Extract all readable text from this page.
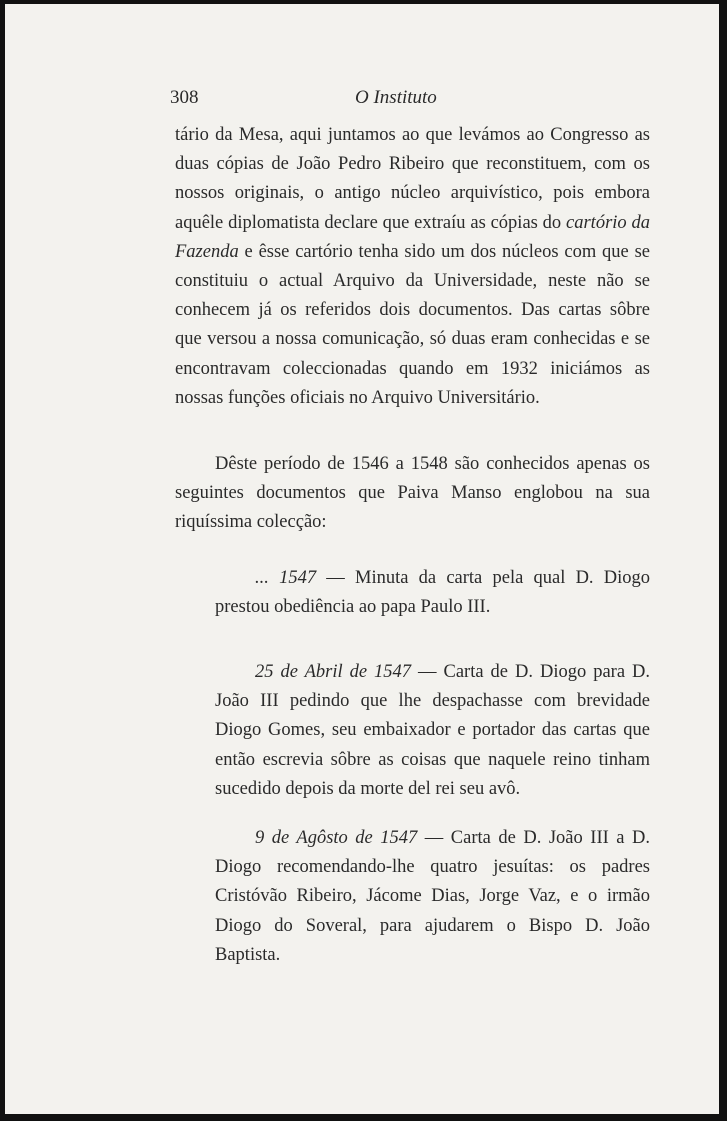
308	O Instituto

tário da Mesa, aqui juntamos ao que levámos ao Congresso as duas cópias de João Pedro Ribeiro que reconstituem, com os nossos originais, o antigo núcleo arquivístico, pois embora aquêle diplomatista declare que extraíu as cópias do cartório da Fazenda e êsse cartório tenha sido um dos núcleos com que se constituiu o actual Arquivo da Universidade, neste não se conhecem já os referidos dois documentos. Das cartas sôbre que versou a nossa comunicação, só duas eram conhecidas e se encontravam coleccionadas quando em 1932 iniciámos as nossas funções oficiais no Arquivo Universitário.

Dêste período de 1546 a 1548 são conhecidos apenas os seguintes documentos que Paiva Manso englobou na sua riquíssima colecção:

... 1547 — Minuta da carta pela qual D. Diogo prestou obediência ao papa Paulo III.

25 de Abril de 1547 — Carta de D. Diogo para D. João III pedindo que lhe despachasse com brevidade Diogo Gomes, seu embaixador e portador das cartas que então escrevia sôbre as coisas que naquele reino tinham sucedido depois da morte del rei seu avô.

9 de Agôsto de 1547 — Carta de D. João III a D. Diogo recomendando-lhe quatro jesuítas: os padres Cristóvão Ribeiro, Jácome Dias, Jorge Vaz, e o irmão Diogo do Soveral, para ajudarem o Bispo D. João Baptista.
